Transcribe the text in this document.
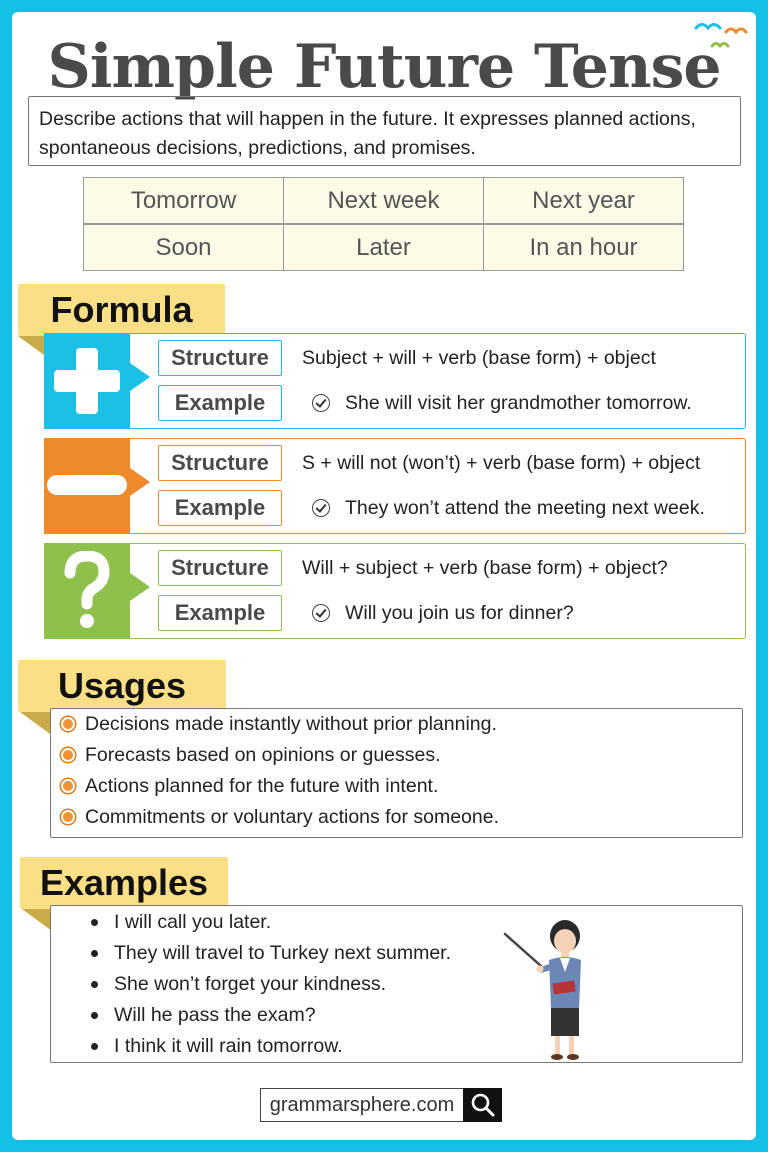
Simple Future Tense
Describe actions that will happen in the future. It expresses planned actions, spontaneous decisions, predictions, and promises.
Tomorrow	Next week	Next year
Soon	Later	In an hour
Formula
Structure	Subject + will + verb (base form) + object
Example	She will visit her grandmother tomorrow.
Structure	S + will not (won’t) + verb (base form) + object
Example	They won’t attend the meeting next week.
Structure	Will + subject + verb (base form) + object?
Example	Will you join us for dinner?
Usages
Decisions made instantly without prior planning.
Forecasts based on opinions or guesses.
Actions planned for the future with intent.
Commitments or voluntary actions for someone.
Examples
I will call you later.
They will travel to Turkey next summer.
She won’t forget your kindness.
Will he pass the exam?
I think it will rain tomorrow.
grammarsphere.com
